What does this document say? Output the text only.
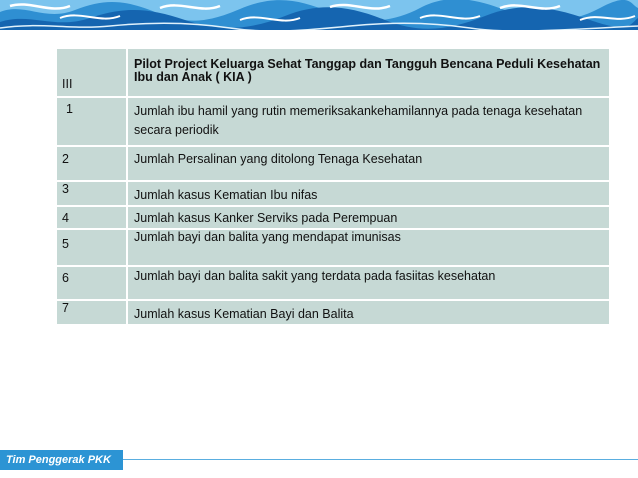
III	Pilot Project Keluarga Sehat Tanggap dan Tangguh Bencana Peduli Kesehatan Ibu dan Anak ( KIA )
1	Jumlah ibu hamil yang rutin memeriksakankehamilannya pada tenaga kesehatan secara periodik
2	Jumlah Persalinan yang ditolong Tenaga Kesehatan
3	Jumlah kasus Kematian Ibu nifas
4	Jumlah kasus Kanker Serviks pada Perempuan
5	Jumlah bayi dan balita yang mendapat imunisas
6	Jumlah bayi dan balita sakit yang terdata pada fasiitas kesehatan
7	Jumlah kasus Kematian Bayi dan Balita
Tim Penggerak PKK
